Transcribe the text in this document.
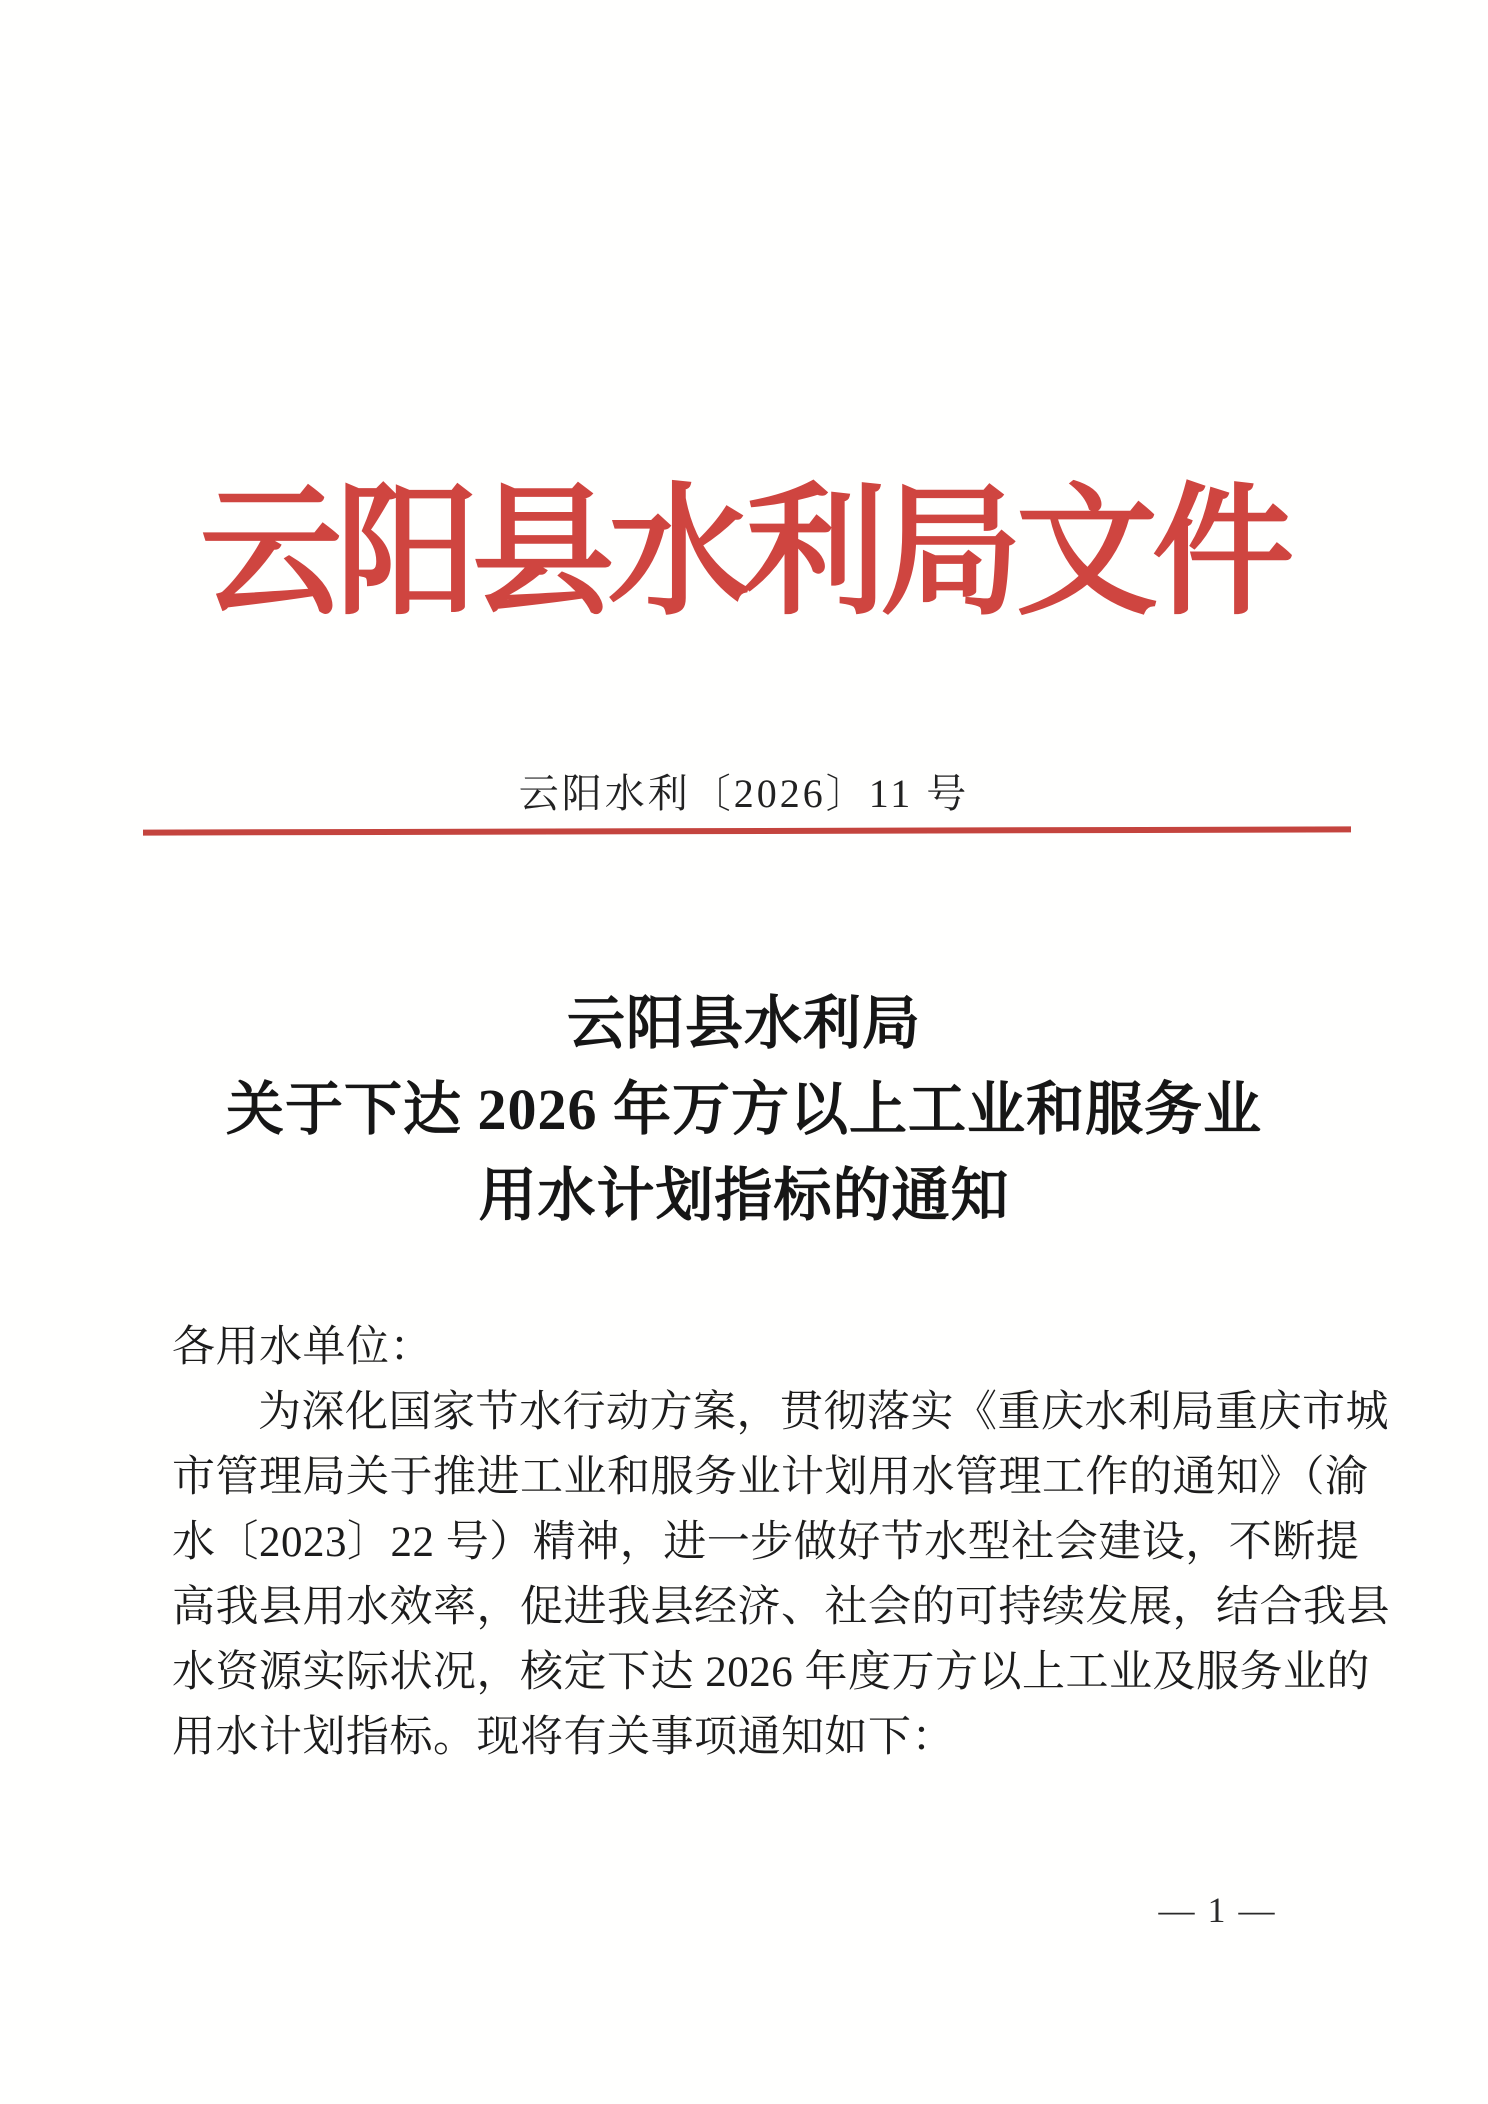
云阳县水利局文件
云阳水利〔2026〕11 号
云阳县水利局
关于下达 2026 年万方以上工业和服务业
用水计划指标的通知
各用水单位：
为深化国家节水行动方案，贯彻落实《重庆水利局重庆市城
市管理局关于推进工业和服务业计划用水管理工作的通知》（渝
水〔2023〕22 号）精神，进一步做好节水型社会建设，不断提
高我县用水效率，促进我县经济、社会的可持续发展，结合我县
水资源实际状况，核定下达 2026 年度万方以上工业及服务业的
用水计划指标。现将有关事项通知如下：
— 1 —
